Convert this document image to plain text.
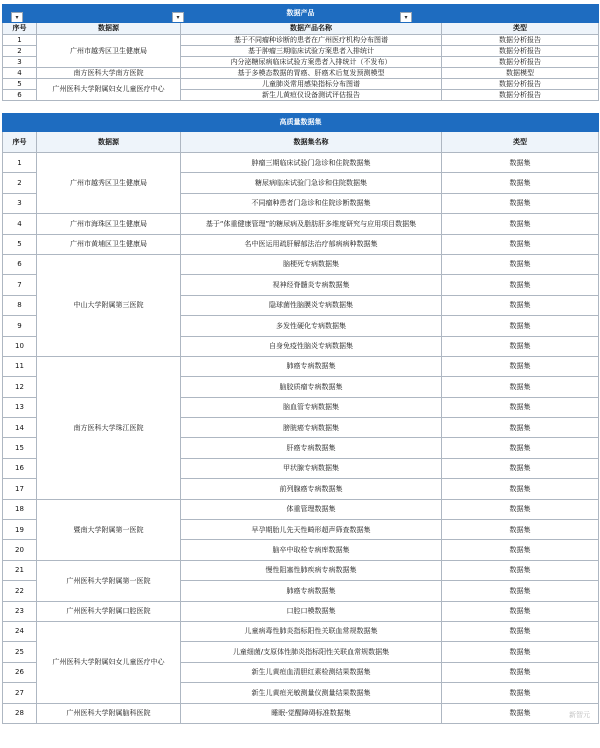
数据产品
▾ ▾ ▾			

序号	数据源	数据产品名称	类型
1	广州市越秀区卫生健康局	基于不同瘤种诊断的患者在广州医疗机构分布图谱	数据分析报告
2		基于肿瘤三期临床试验方案患者入排统计	数据分析报告
3		内分泌糖尿病临床试验方案患者入排统计（不发布）	数据分析报告
4	南方医科大学南方医院	基于多模态数据的胃癌、肝癌术后复发预测模型	数据模型
5	广州医科大学附属妇女儿童医疗中心	儿童肺炎常用感染指标分布图谱	数据分析报告
6		新生儿黄疸仪设备测试评估报告	数据分析报告
高质量数据集			
序号	数据源	数据集名称	类型
1	广州市越秀区卫生健康局	肿瘤三期临床试验门急诊和住院数据集	数据集
2		糖尿病临床试验门急诊和住院数据集	数据集
3		不同瘤种患者门急诊和住院诊断数据集	数据集
4	广州市海珠区卫生健康局	基于“体重健康管理”的糖尿病及脂肪肝多维度研究与应用项目数据集	数据集
5	广州市黄埔区卫生健康局	名中医运用疏肝解郁法治疗郁病病种数据集	数据集
6	中山大学附属第三医院	脑梗死专病数据集	数据集
7		视神经脊髓炎专病数据集	数据集
8		隐球菌性脑膜炎专病数据集	数据集
9		多发性硬化专病数据集	数据集
10		自身免疫性脑炎专病数据集	数据集
11	南方医科大学珠江医院	肺癌专病数据集	数据集
12		脑胶质瘤专病数据集	数据集
13		脑血管专病数据集	数据集
14		膀胱癌专病数据集	数据集
15		肝癌专病数据集	数据集
16		甲状腺专病数据集	数据集
17		前列腺癌专病数据集	数据集
18	暨南大学附属第一医院	体重管理数据集	数据集
19		早孕期胎儿先天性畸形超声筛查数据集	数据集
20		脑卒中取栓专病库数据集	数据集
21	广州医科大学附属第一医院	慢性阻塞性肺疾病专病数据集	数据集
22		肺癌专病数据集	数据集
23	广州医科大学附属口腔医院	口腔口模数据集	数据集
24	广州医科大学附属妇女儿童医疗中心	儿童病毒性肺炎指标阳性关联血常规数据集	数据集
25		儿童细菌/支原体性肺炎指标阳性关联血常规数据集	数据集
26		新生儿黄疸血清胆红素检测结果数据集	数据集
27		新生儿黄疸光敏测量仪测量结果数据集	数据集
28	广州医科大学附属脑科医院	睡眠-觉醒障碍标准数据集	数据集	新智元
